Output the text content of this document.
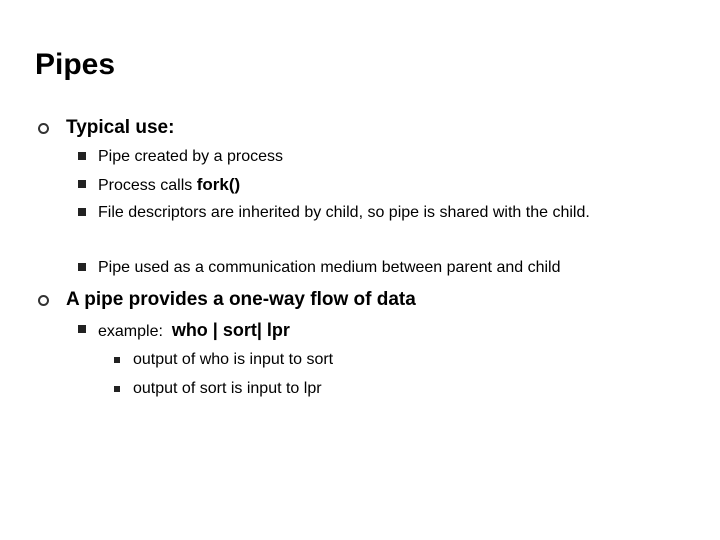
Pipes
Typical use:
Pipe created by a process
Process calls fork()
File descriptors are inherited by child, so pipe is shared with the child.
Pipe used as a communication medium between parent and child
A pipe provides a one-way flow of data
example:  who | sort| lpr
output of who is input to sort
output of sort is input to lpr
